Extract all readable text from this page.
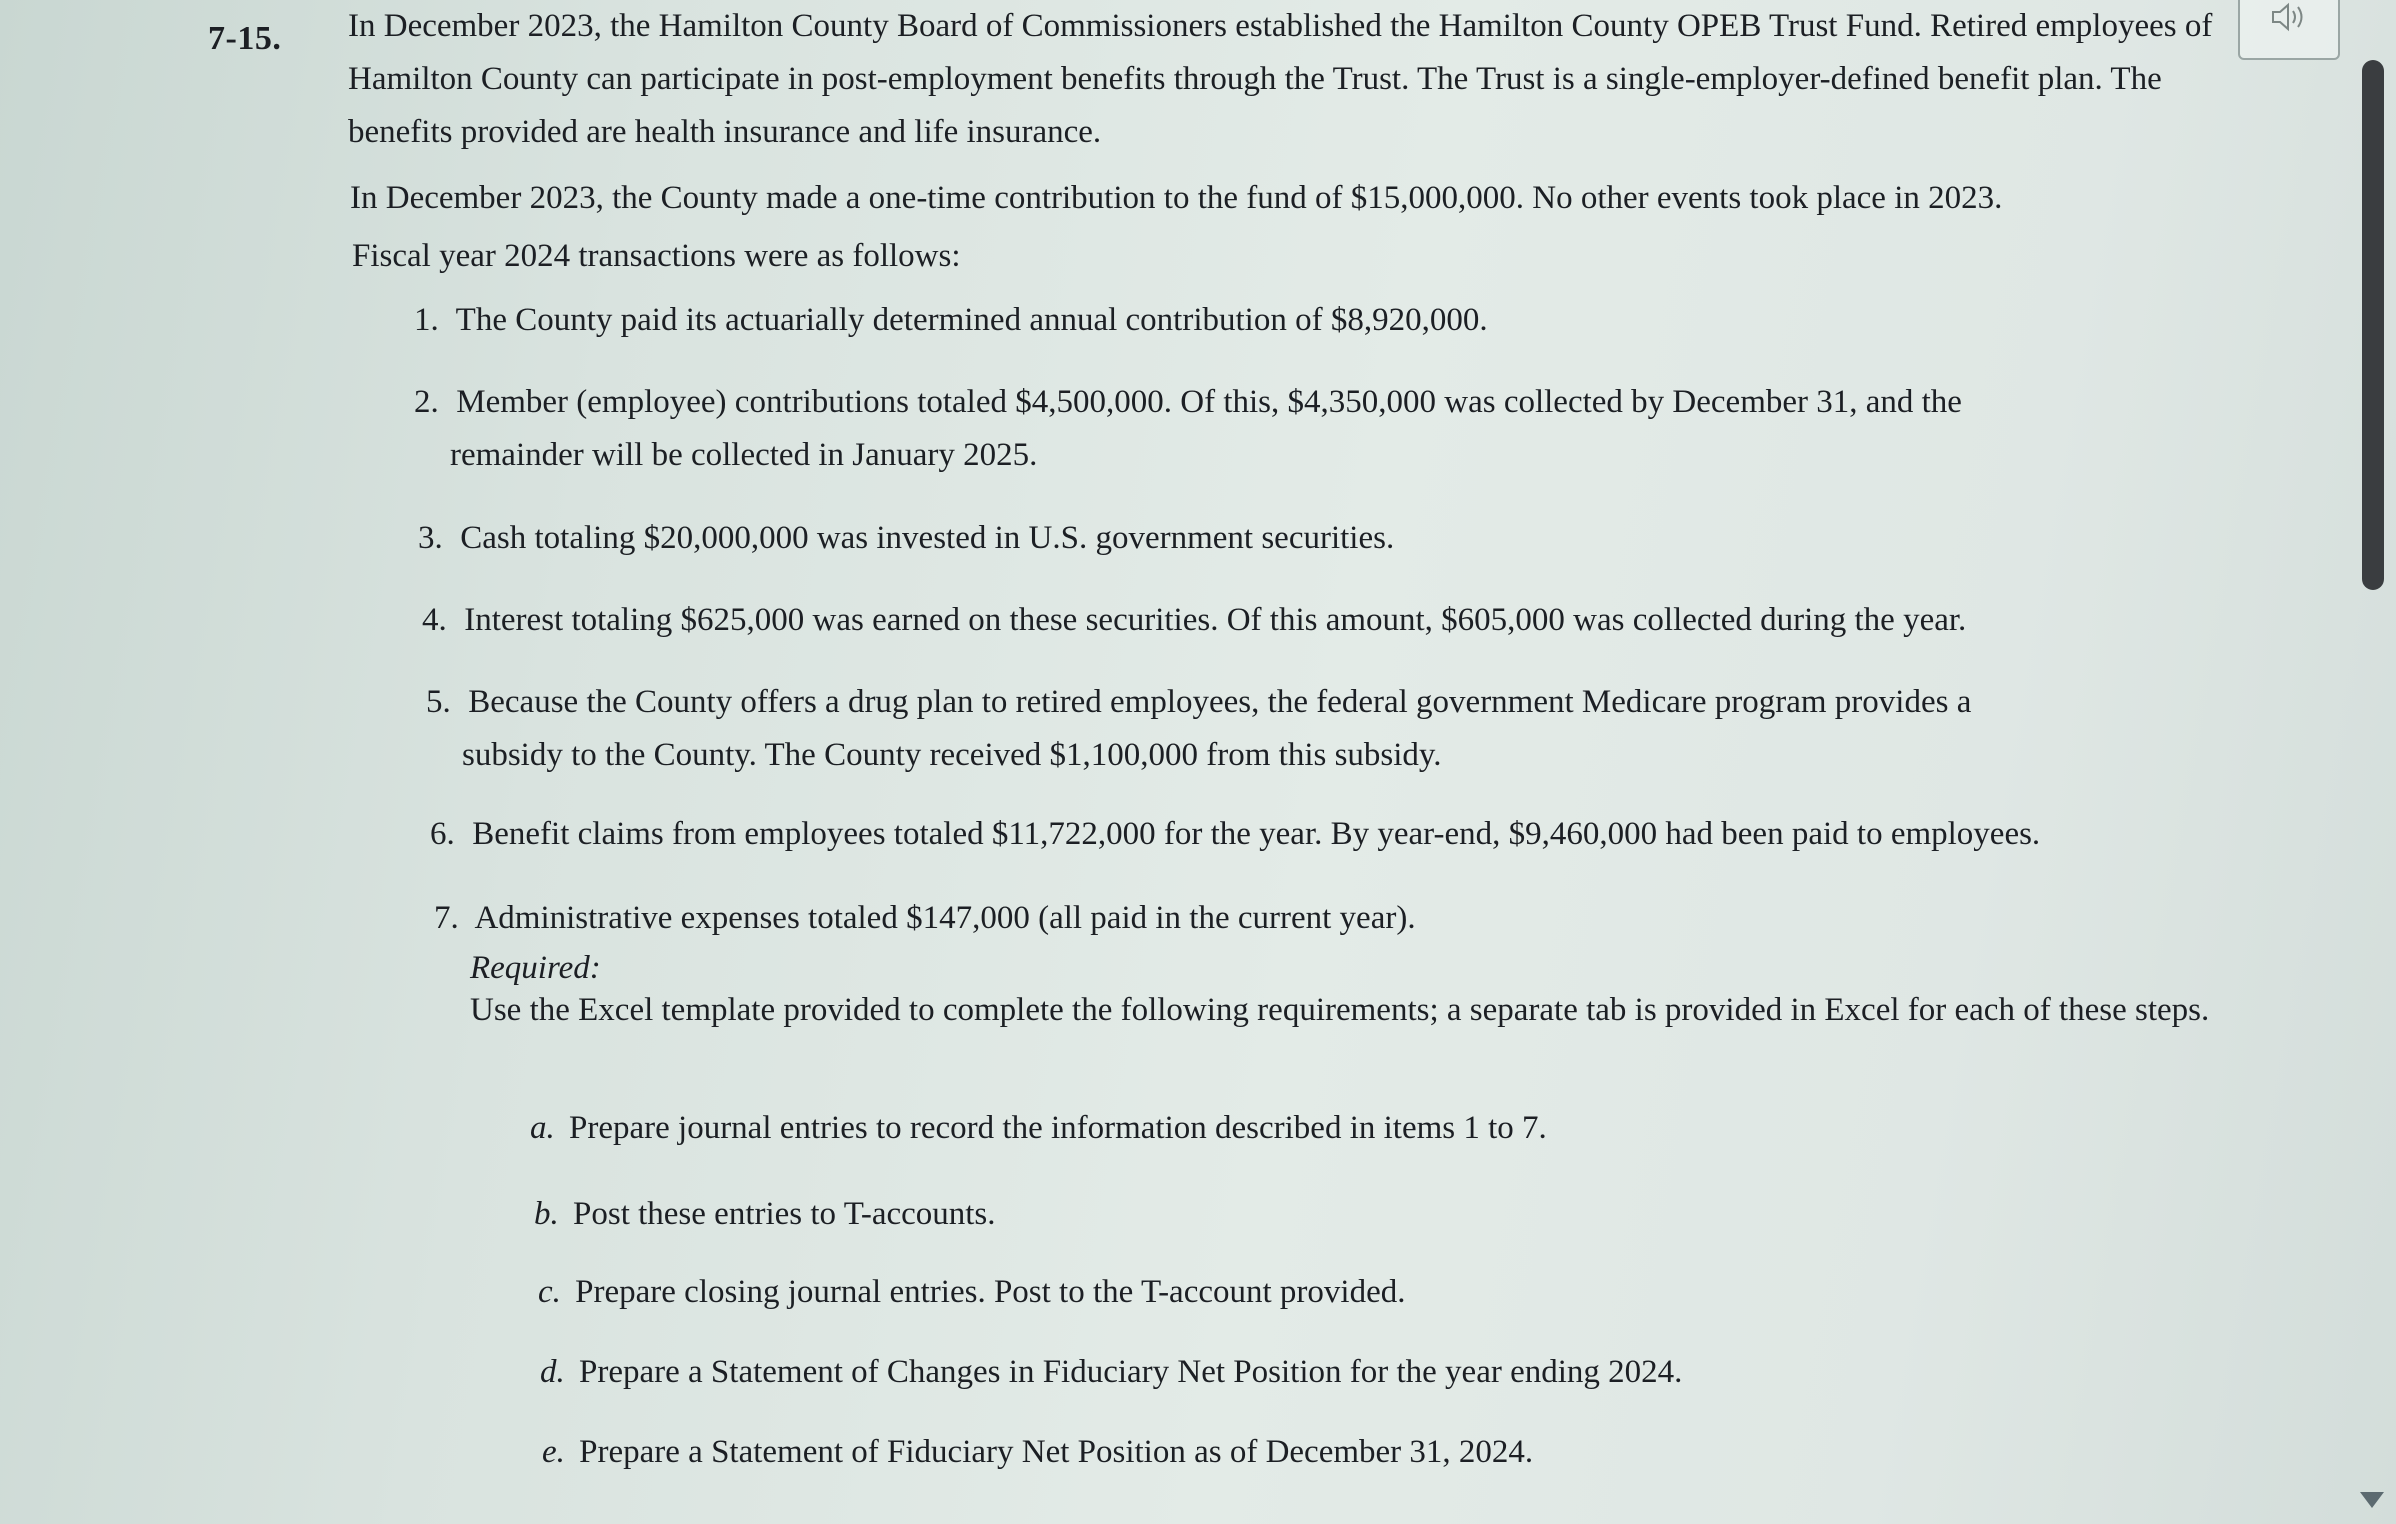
7-15. In December 2023, the Hamilton County Board of Commissioners established the Hamilton County OPEB Trust Fund. Retired employees of Hamilton County can participate in post-employment benefits through the Trust. The Trust is a single-employer-defined benefit plan. The benefits provided are health insurance and life insurance.

In December 2023, the County made a one-time contribution to the fund of $15,000,000. No other events took place in 2023.

Fiscal year 2024 transactions were as follows:

1. The County paid its actuarially determined annual contribution of $8,920,000.
2. Member (employee) contributions totaled $4,500,000. Of this, $4,350,000 was collected by December 31, and the
remainder will be collected in January 2025.
3. Cash totaling $20,000,000 was invested in U.S. government securities.
4. Interest totaling $625,000 was earned on these securities. Of this amount, $605,000 was collected during the year.
5. Because the County offers a drug plan to retired employees, the federal government Medicare program provides a
subsidy to the County. The County received $1,100,000 from this subsidy.
6. Benefit claims from employees totaled $11,722,000 for the year. By year-end, $9,460,000 had been paid to employees.
7. Administrative expenses totaled $147,000 (all paid in the current year).
Required:
Use the Excel template provided to complete the following requirements; a separate tab is provided in Excel for each of these steps.
a. Prepare journal entries to record the information described in items 1 to 7.
b. Post these entries to T-accounts.
c. Prepare closing journal entries. Post to the T-account provided.
d. Prepare a Statement of Changes in Fiduciary Net Position for the year ending 2024.
e. Prepare a Statement of Fiduciary Net Position as of December 31, 2024.
